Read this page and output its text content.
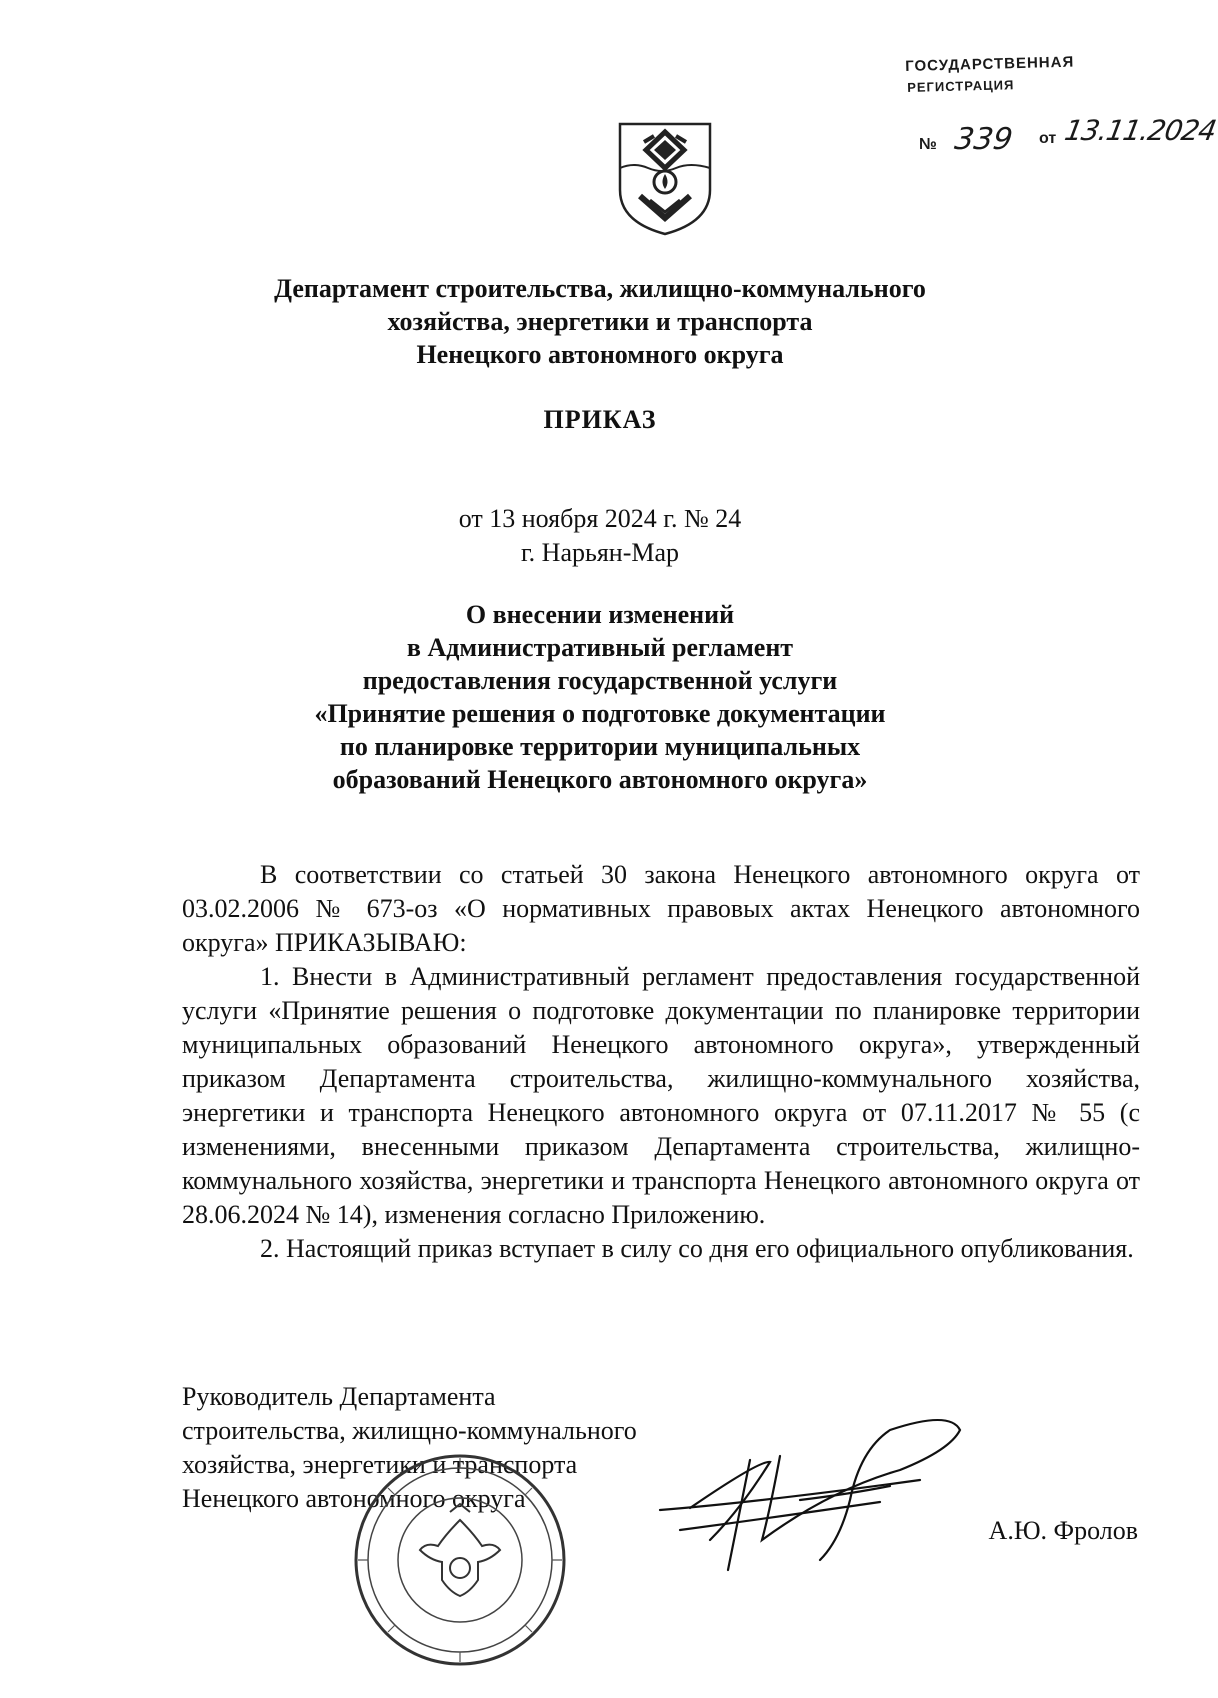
ГОСУДАРСТВЕННАЯ
РЕГИСТРАЦИЯ
№ 339 от 13.11.2024
Департамент строительства, жилищно-коммунального
хозяйства, энергетики и транспорта
Ненецкого автономного округа
ПРИКАЗ
от 13 ноября 2024 г. № 24
г. Нарьян-Мар
О внесении изменений
в Административный регламент
предоставления государственной услуги
«Принятие решения о подготовке документации
по планировке территории муниципальных
образований Ненецкого автономного округа»

В соответствии со статьей 30 закона Ненецкого автономного округа от 03.02.2006 № 673-оз «О нормативных правовых актах Ненецкого автономного округа» ПРИКАЗЫВАЮ:

1. Внести в Административный регламент предоставления государственной услуги «Принятие решения о подготовке документации по планировке территории муниципальных образований Ненецкого автономного округа», утвержденный приказом Департамента строительства, жилищно-коммунального хозяйства, энергетики и транспорта Ненецкого автономного округа от 07.11.2017 № 55 (с изменениями, внесенными приказом Департамента строительства, жилищно-коммунального хозяйства, энергетики и транспорта Ненецкого автономного округа от 28.06.2024 № 14), изменения согласно Приложению.

2. Настоящий приказ вступает в силу со дня его официального опубликования.

Руководитель Департамента
строительства, жилищно-коммунального
хозяйства, энергетики и транспорта
Ненецкого автономного округа
А.Ю. Фролов
